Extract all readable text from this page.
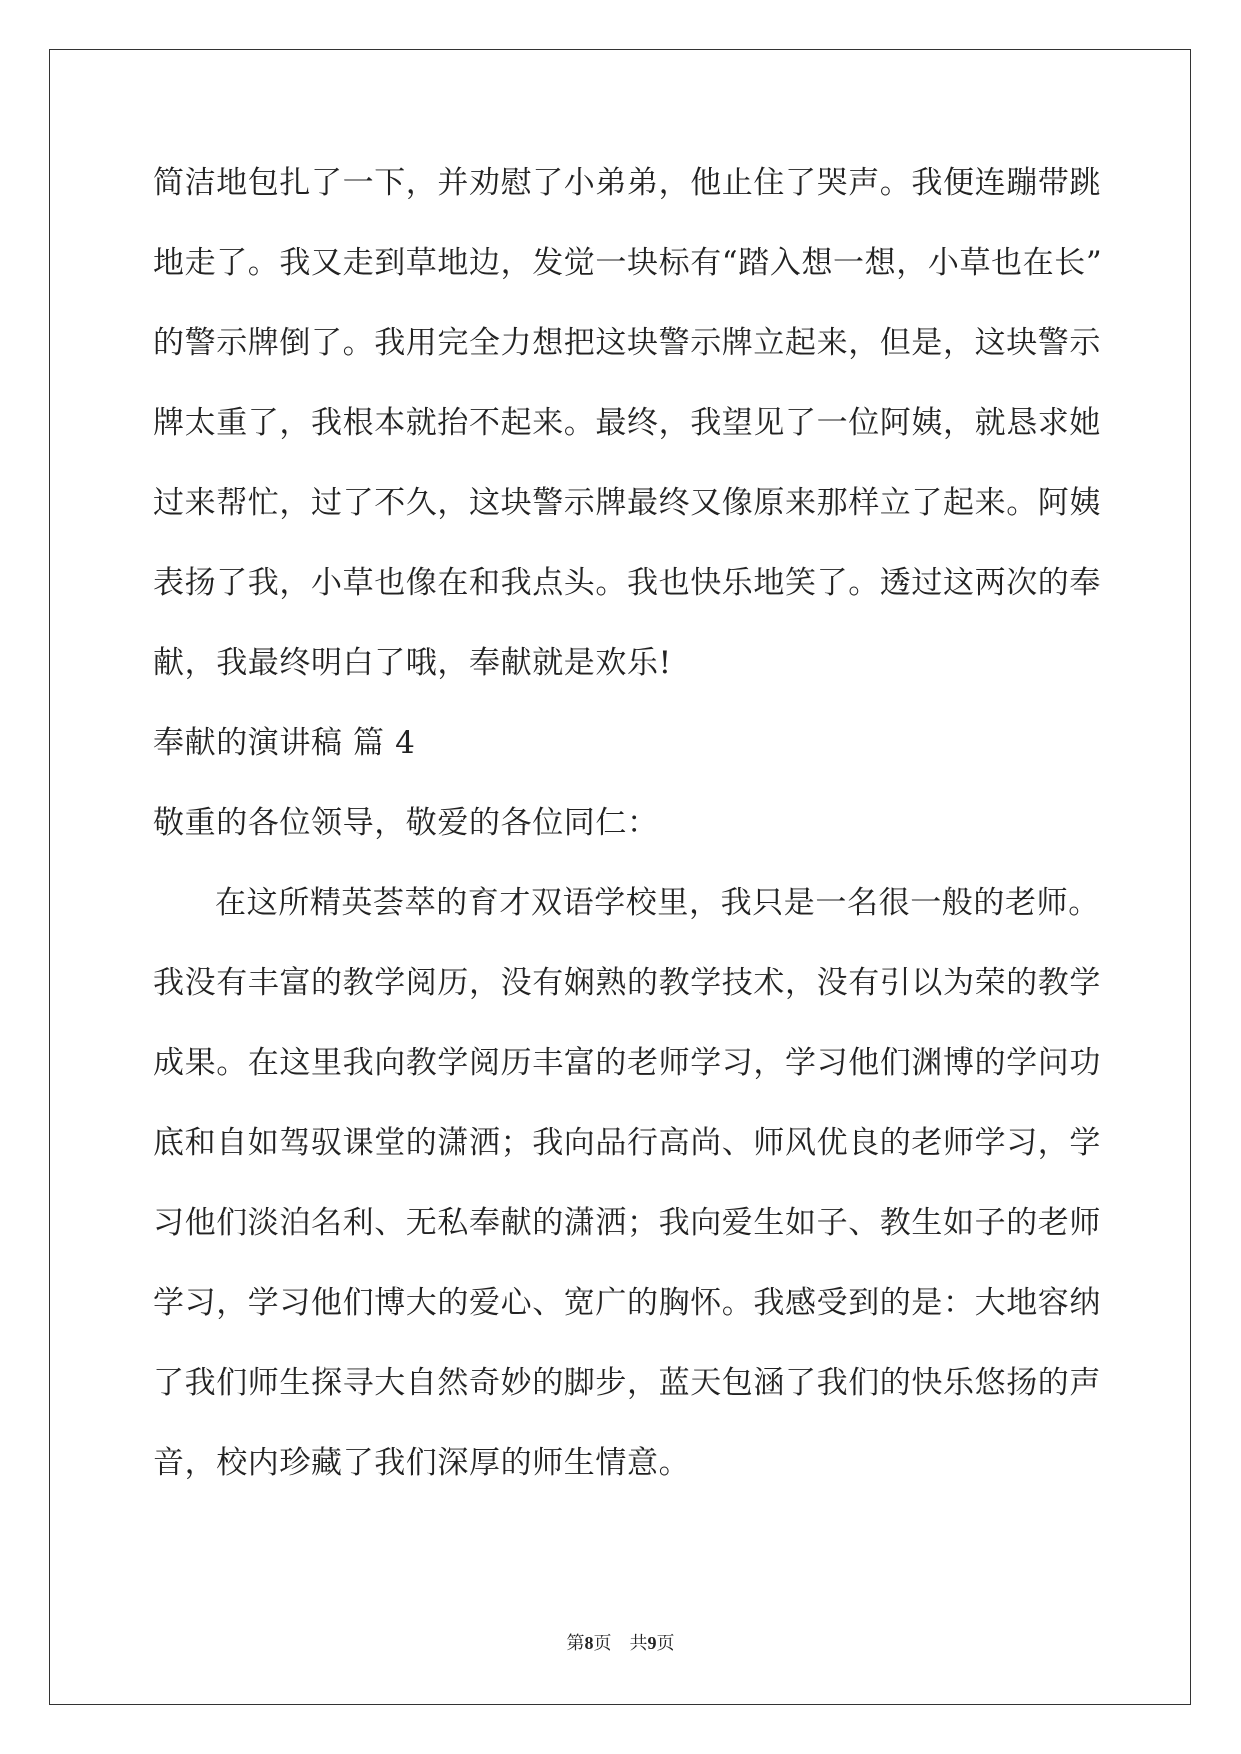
简洁地包扎了一下，并劝慰了小弟弟，他止住了哭声。我便连蹦带跳
地走了。我又走到草地边，发觉一块标有“踏入想一想，小草也在长”
的警示牌倒了。我用完全力想把这块警示牌立起来，但是，这块警示
牌太重了，我根本就抬不起来。最终，我望见了一位阿姨，就恳求她
过来帮忙，过了不久，这块警示牌最终又像原来那样立了起来。阿姨
表扬了我，小草也像在和我点头。我也快乐地笑了。透过这两次的奉
献，我最终明白了哦，奉献就是欢乐!
奉献的演讲稿 篇 4
敬重的各位领导，敬爱的各位同仁：
在这所精英荟萃的育才双语学校里，我只是一名很一般的老师。
我没有丰富的教学阅历，没有娴熟的教学技术，没有引以为荣的教学
成果。在这里我向教学阅历丰富的老师学习，学习他们渊博的学问功
底和自如驾驭课堂的潇洒；我向品行高尚、师风优良的老师学习，学
习他们淡泊名利、无私奉献的潇洒；我向爱生如子、教生如子的老师
学习，学习他们博大的爱心、宽广的胸怀。我感受到的是：大地容纳
了我们师生探寻大自然奇妙的脚步，蓝天包涵了我们的快乐悠扬的声
音，校内珍藏了我们深厚的师生情意。
第8页　共9页
